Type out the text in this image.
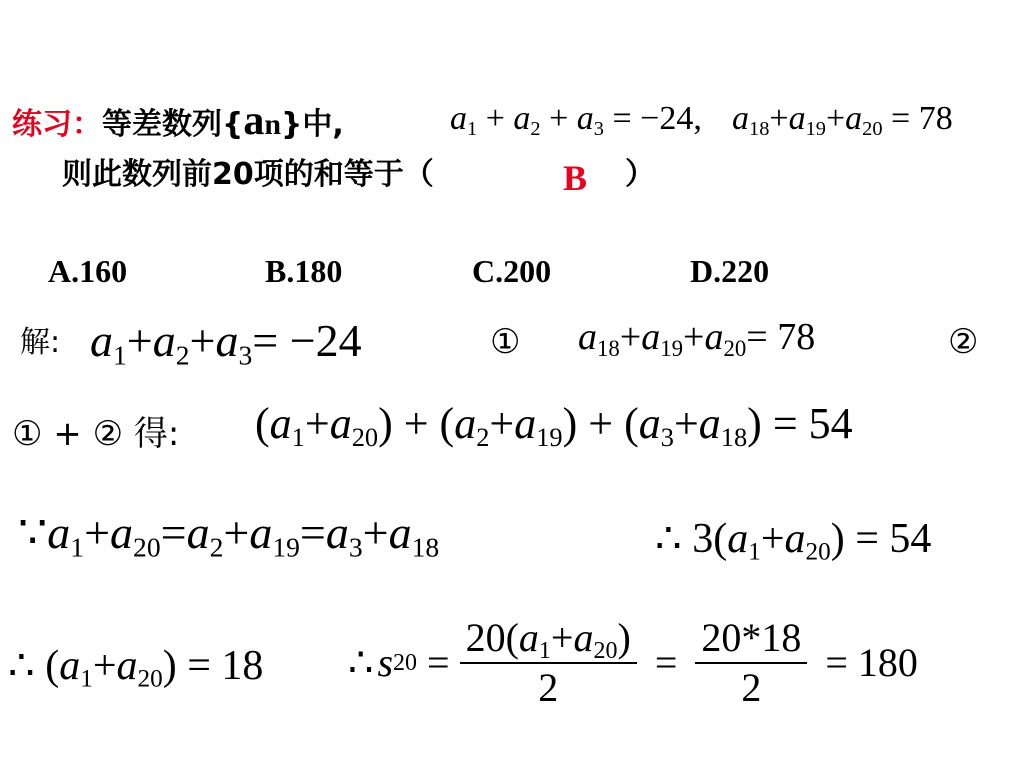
练习：等差数列{an}中,	$a_1 + a_2 + a_3 = -24$, $a_{18}+a_{19}+a_{20} = 78$
则此数列前20项的和等于（	B ）
A.160	B.180	C.200	D.220
解: $a_1+a_2+a_3= -24$	① $a_{18}+a_{19}+a_{20}= 78$	②
① + ② 得: $(a_1+a_{20}) + (a_2+a_{19}) + (a_3+a_{18}) = 54$
$\because a_1+a_{20}=a_2+a_{19}=a_3+a_{18}$	∴ $3(a_1+a_{20}) = 54$
∴ $(a_1+a_{20}) = 18$ ∴ s $20 = \frac{20(a_1+a_{20})}{2} = \frac{20*18}{2} = 180$
